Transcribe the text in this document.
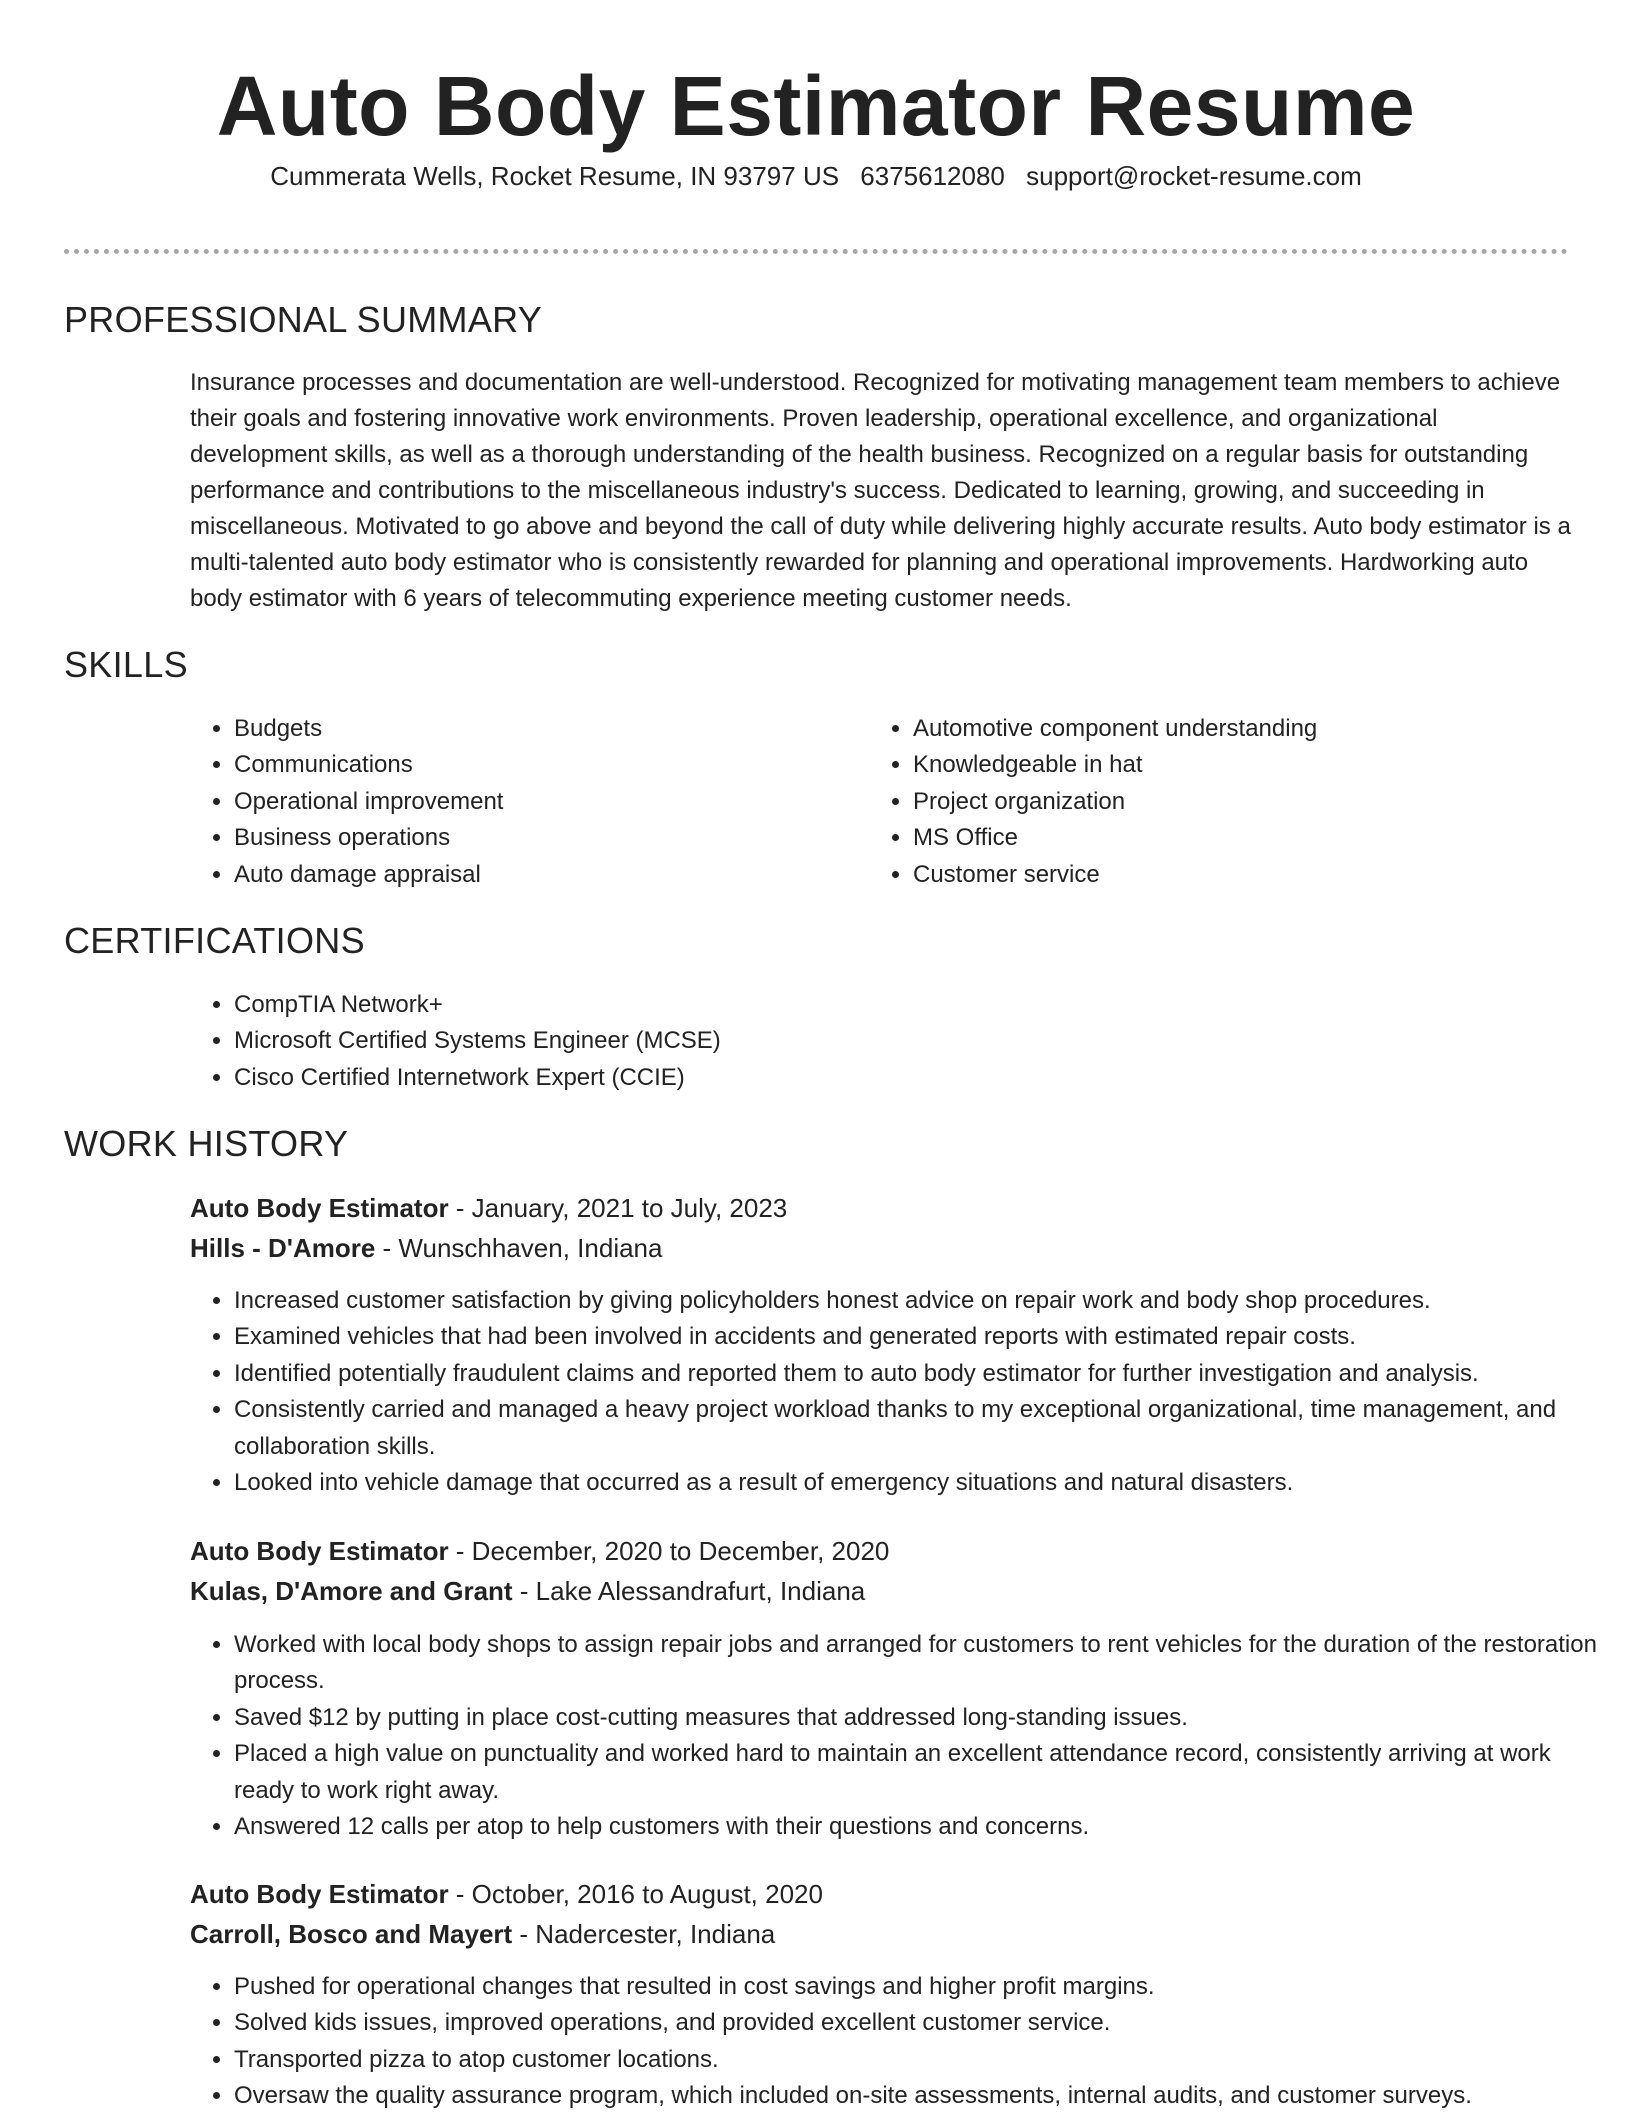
Auto Body Estimator Resume
Cummerata Wells, Rocket Resume, IN 93797 US 6375612080 support@rocket-resume.com
PROFESSIONAL SUMMARY

Insurance processes and documentation are well-understood. Recognized for motivating management team members to achieve their goals and fostering innovative work environments. Proven leadership, operational excellence, and organizational development skills, as well as a thorough understanding of the health business. Recognized on a regular basis for outstanding performance and contributions to the miscellaneous industry's success. Dedicated to learning, growing, and succeeding in miscellaneous. Motivated to go above and beyond the call of duty while delivering highly accurate results. Auto body estimator is a multi-talented auto body estimator who is consistently rewarded for planning and operational improvements. Hardworking auto body estimator with 6 years of telecommuting experience meeting customer needs.

SKILLS
• Budgets
• Communications
• Operational improvement
• Business operations
• Auto damage appraisal
• Automotive component understanding
• Knowledgeable in hat
• Project organization
• MS Office
• Customer service
CERTIFICATIONS
• CompTIA Network+
• Microsoft Certified Systems Engineer (MCSE)
• Cisco Certified Internetwork Expert (CCIE)
WORK HISTORY
Auto Body Estimator - January, 2021 to July, 2023
Hills - D'Amore - Wunschhaven, Indiana
• Increased customer satisfaction by giving policyholders honest advice on repair work and body shop procedures.
• Examined vehicles that had been involved in accidents and generated reports with estimated repair costs.
• Identified potentially fraudulent claims and reported them to auto body estimator for further investigation and analysis.
• Consistently carried and managed a heavy project workload thanks to my exceptional organizational, time management, and collaboration skills.
• Looked into vehicle damage that occurred as a result of emergency situations and natural disasters.
Auto Body Estimator - December, 2020 to December, 2020
Kulas, D'Amore and Grant - Lake Alessandrafurt, Indiana
• Worked with local body shops to assign repair jobs and arranged for customers to rent vehicles for the duration of the restoration process.
• Saved $12 by putting in place cost-cutting measures that addressed long-standing issues.
• Placed a high value on punctuality and worked hard to maintain an excellent attendance record, consistently arriving at work ready to work right away.
• Answered 12 calls per atop to help customers with their questions and concerns.
Auto Body Estimator - October, 2016 to August, 2020
Carroll, Bosco and Mayert - Nadercester, Indiana
• Pushed for operational changes that resulted in cost savings and higher profit margins.
• Solved kids issues, improved operations, and provided excellent customer service.
• Transported pizza to atop customer locations.
• Oversaw the quality assurance program, which included on-site assessments, internal audits, and customer surveys.
